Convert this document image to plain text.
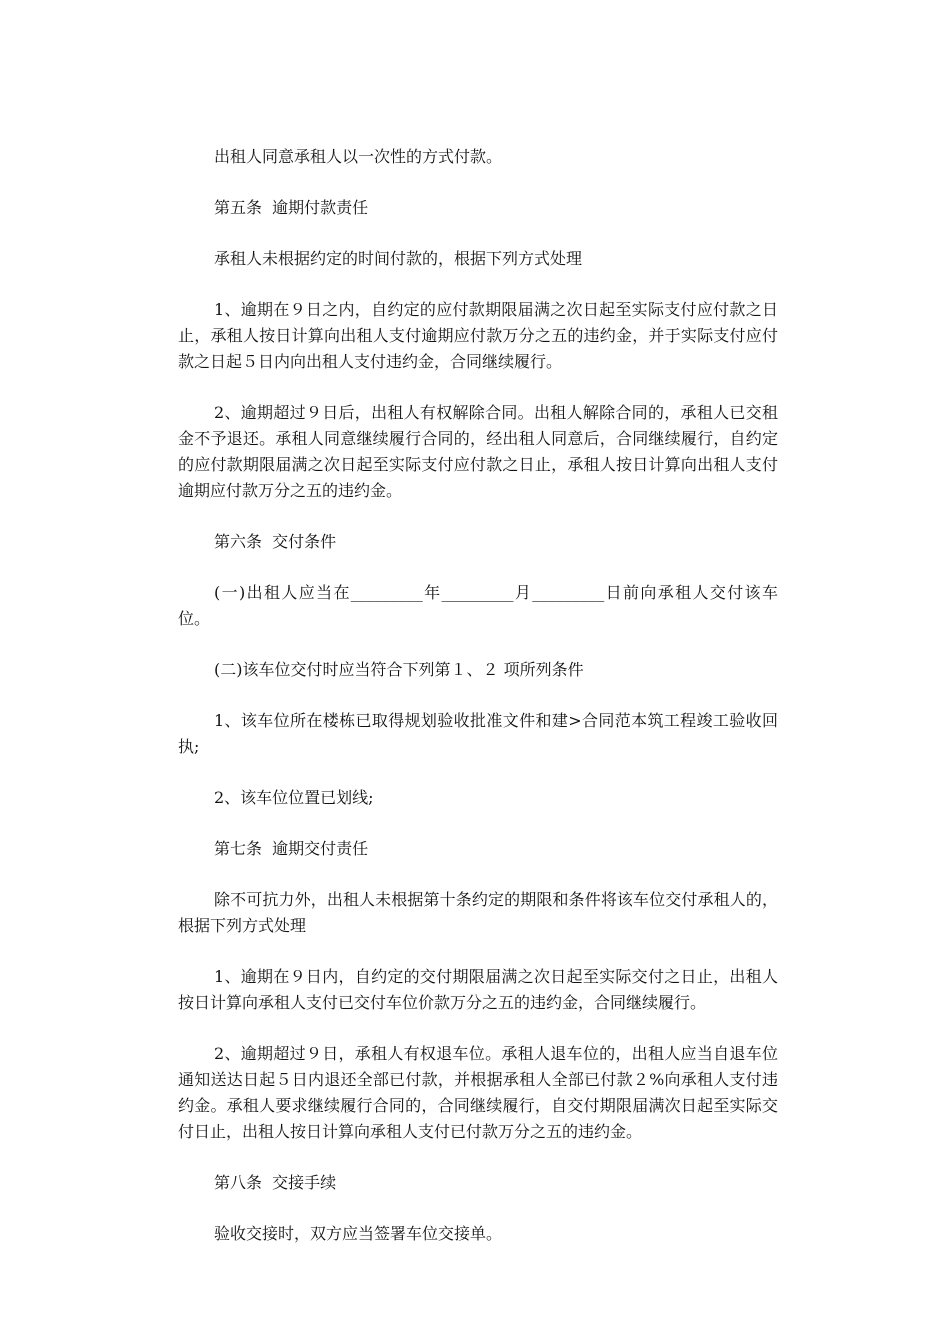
出租人同意承租人以一次性的方式付款。

第五条  逾期付款责任

承租人未根据约定的时间付款的，根据下列方式处理

1、逾期在９日之内，自约定的应付款期限届满之次日起至实际支付应付款之日止，承租人按日计算向出租人支付逾期应付款万分之五的违约金，并于实际支付应付款之日起５日内向出租人支付违约金，合同继续履行。

2、逾期超过９日后，出租人有权解除合同。出租人解除合同的，承租人已交租金不予退还。承租人同意继续履行合同的，经出租人同意后，合同继续履行，自约定的应付款期限届满之次日起至实际支付应付款之日止，承租人按日计算向出租人支付逾期应付款万分之五的违约金。

第六条  交付条件

(一)出租人应当在_________年_________月_________日前向承租人交付该车位。

(二)该车位交付时应当符合下列第１、２ 项所列条件

1、该车位所在楼栋已取得规划验收批准文件和建>合同范本筑工程竣工验收回执;

2、该车位位置已划线;

第七条  逾期交付责任

除不可抗力外，出租人未根据第十条约定的期限和条件将该车位交付承租人的，根据下列方式处理

1、逾期在９日内，自约定的交付期限届满之次日起至实际交付之日止，出租人按日计算向承租人支付已交付车位价款万分之五的违约金，合同继续履行。

2、逾期超过９日，承租人有权退车位。承租人退车位的，出租人应当自退车位通知送达日起５日内退还全部已付款，并根据承租人全部已付款２%向承租人支付违约金。承租人要求继续履行合同的，合同继续履行，自交付期限届满次日起至实际交付日止，出租人按日计算向承租人支付已付款万分之五的违约金。

第八条  交接手续

验收交接时，双方应当签署车位交接单。
